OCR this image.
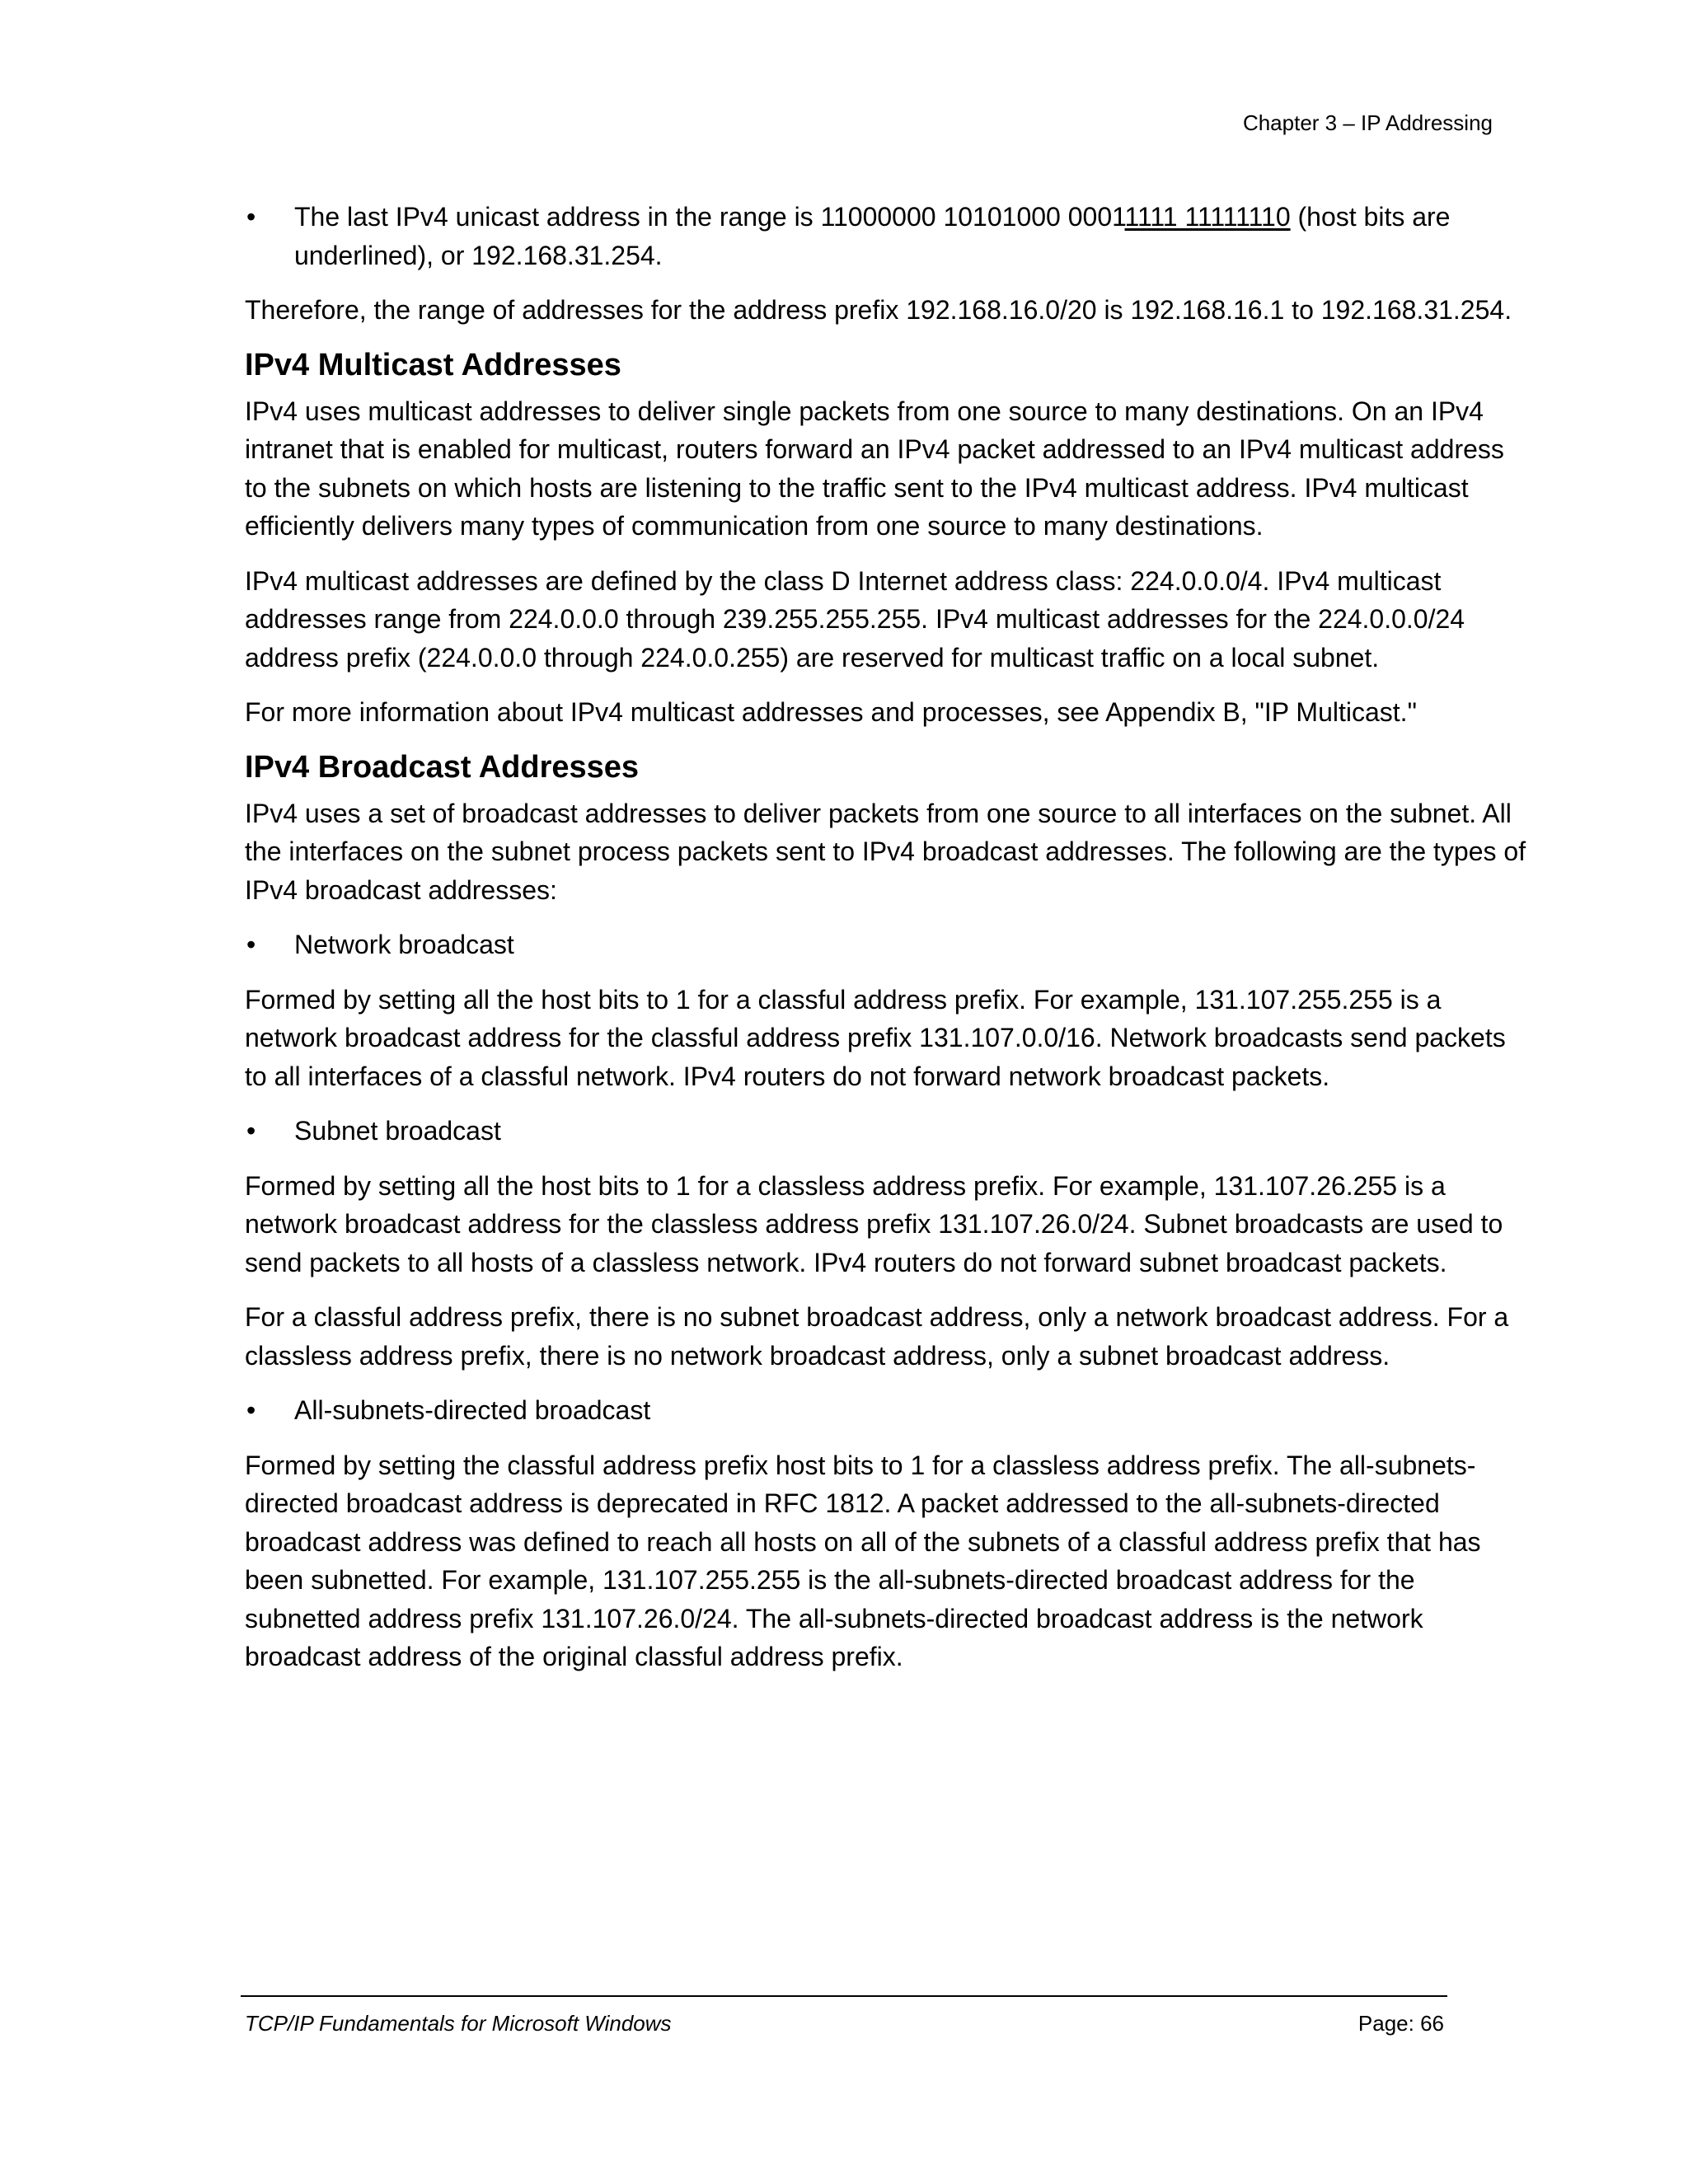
Chapter 3 – IP Addressing
• The last IPv4 unicast address in the range is 11000000 10101000 00011111 11111110 (host bits are underlined), or 192.168.31.254.

Therefore, the range of addresses for the address prefix 192.168.16.0/20 is 192.168.16.1 to 192.168.31.254.

IPv4 Multicast Addresses

IPv4 uses multicast addresses to deliver single packets from one source to many destinations. On an IPv4 intranet that is enabled for multicast, routers forward an IPv4 packet addressed to an IPv4 multicast address to the subnets on which hosts are listening to the traffic sent to the IPv4 multicast address. IPv4 multicast efficiently delivers many types of communication from one source to many destinations.

IPv4 multicast addresses are defined by the class D Internet address class: 224.0.0.0/4. IPv4 multicast addresses range from 224.0.0.0 through 239.255.255.255. IPv4 multicast addresses for the 224.0.0.0/24 address prefix (224.0.0.0 through 224.0.0.255) are reserved for multicast traffic on a local subnet.

For more information about IPv4 multicast addresses and processes, see Appendix B, "IP Multicast."

IPv4 Broadcast Addresses

IPv4 uses a set of broadcast addresses to deliver packets from one source to all interfaces on the subnet. All the interfaces on the subnet process packets sent to IPv4 broadcast addresses. The following are the types of IPv4 broadcast addresses:

• Network broadcast

Formed by setting all the host bits to 1 for a classful address prefix. For example, 131.107.255.255 is a network broadcast address for the classful address prefix 131.107.0.0/16. Network broadcasts send packets to all interfaces of a classful network. IPv4 routers do not forward network broadcast packets.

• Subnet broadcast

Formed by setting all the host bits to 1 for a classless address prefix. For example, 131.107.26.255 is a network broadcast address for the classless address prefix 131.107.26.0/24. Subnet broadcasts are used to send packets to all hosts of a classless network. IPv4 routers do not forward subnet broadcast packets.

For a classful address prefix, there is no subnet broadcast address, only a network broadcast address. For a classless address prefix, there is no network broadcast address, only a subnet broadcast address.

• All-subnets-directed broadcast

Formed by setting the classful address prefix host bits to 1 for a classless address prefix. The all-subnets-directed broadcast address is deprecated in RFC 1812. A packet addressed to the all-subnets-directed broadcast address was defined to reach all hosts on all of the subnets of a classful address prefix that has been subnetted. For example, 131.107.255.255 is the all-subnets-directed broadcast address for the subnetted address prefix 131.107.26.0/24. The all-subnets-directed broadcast address is the network broadcast address of the original classful address prefix.

TCP/IP Fundamentals for Microsoft Windows	Page: 66
